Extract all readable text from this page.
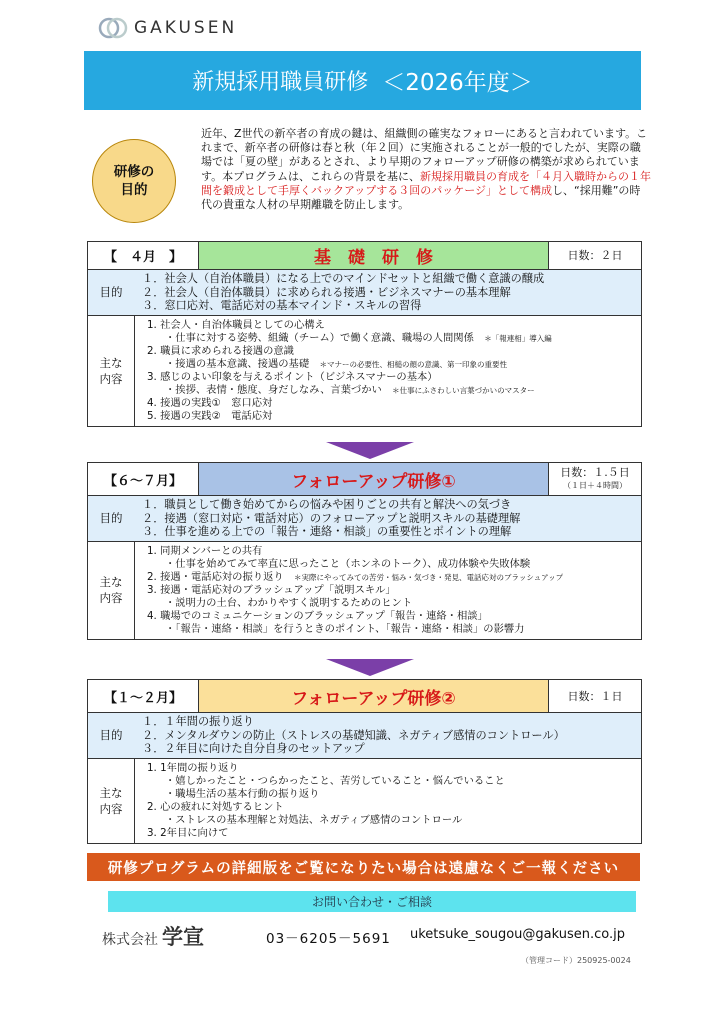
GAKUSEN
新規採用職員研修 ＜2026年度＞
研修の
目的
近年、Z世代の新卒者の育成の鍵は、組織側の確実なフォローにあると言われています。これまで、新卒者の研修は春と秋（年２回）に実施されることが一般的でしたが、実際の職場では「夏の壁」があるとされ、より早期のフォローアップ研修の構築が求められています。本プログラムは、これらの背景を基に、新規採用職員の育成を「４月入職時からの１年間を鍛成として手厚くバックアップする３回のパッケージ」として構成し、“採用難”の時代の貴重な人材の早期離職を防止します。
【　４月　】	基　礎　研　修	日数：２日
目的
１．社会人（自治体職員）になる上でのマインドセットと組織で働く意識の醸成
２．社会人（自治体職員）に求められる接遇・ビジネスマナーの基本理解
３．窓口応対、電話応対の基本マインド・スキルの習得
主な
内容
1. 社会人・自治体職員としての心構え
・仕事に対する姿勢、組織（チーム）で働く意識、職場の人間関係　 ＊「報連相」導入編
2. 職員に求められる接遇の意識
・接遇の基本意識、接遇の基礎　 ＊マナーの必要性、相槌の顔の意識、第一印象の重要性
3. 感じのよい印象を与えるポイント（ビジネスマナーの基本）
・挨拶、表情・態度、身だしなみ、言葉づかい　 ＊仕事にふさわしい言葉づかいのマスター
4. 接遇の実践①　窓口応対
5. 接遇の実践②　電話応対
【６～７月】	フォローアップ研修①	日数：１.５日
（１日＋４時間）
目的
１．職員として働き始めてからの悩みや困りごとの共有と解決への気づき
２．接遇（窓口対応・電話対応）のフォローアップと説明スキルの基礎理解
３．仕事を進める上での「報告・連絡・相談」の重要性とポイントの理解
主な
内容
1. 同期メンバーとの共有
・仕事を始めてみて率直に思ったこと（ホンネのトーク）、成功体験や失敗体験
2. 接遇・電話応対の振り返り　 ＊実際にやってみての苦労・悩み・気づき・発見、電話応対のブラッシュアップ
3. 接遇・電話応対のブラッシュアップ「説明スキル」
・説明力の土台、わかりやすく説明するためのヒント
4. 職場でのコミュニケーションのブラッシュアップ「報告・連絡・相談」
・「報告・連絡・相談」を行うときのポイント、「報告・連絡・相談」の影響力
【１～２月】	フォローアップ研修②	日数：１日
目的
１．１年間の振り返り
２．メンタルダウンの防止（ストレスの基礎知識、ネガティブ感情のコントロール）
３．２年目に向けた自分自身のセットアップ
主な
内容
1. 1年間の振り返り
・嬉しかったこと・つらかったこと、苦労していること・悩んでいること
・職場生活の基本行動の振り返り
2. 心の疲れに対処するヒント
・ストレスの基本理解と対処法、ネガティブ感情のコントロール
3. 2年目に向けて
研修プログラムの詳細版をご覧になりたい場合は遠慮なくご一報ください
お問い合わせ・ご相談
株式会社 学宣	03－6205－5691 uketsuke_sougou@gakusen.co.jp
（管理コード）250925-0024
